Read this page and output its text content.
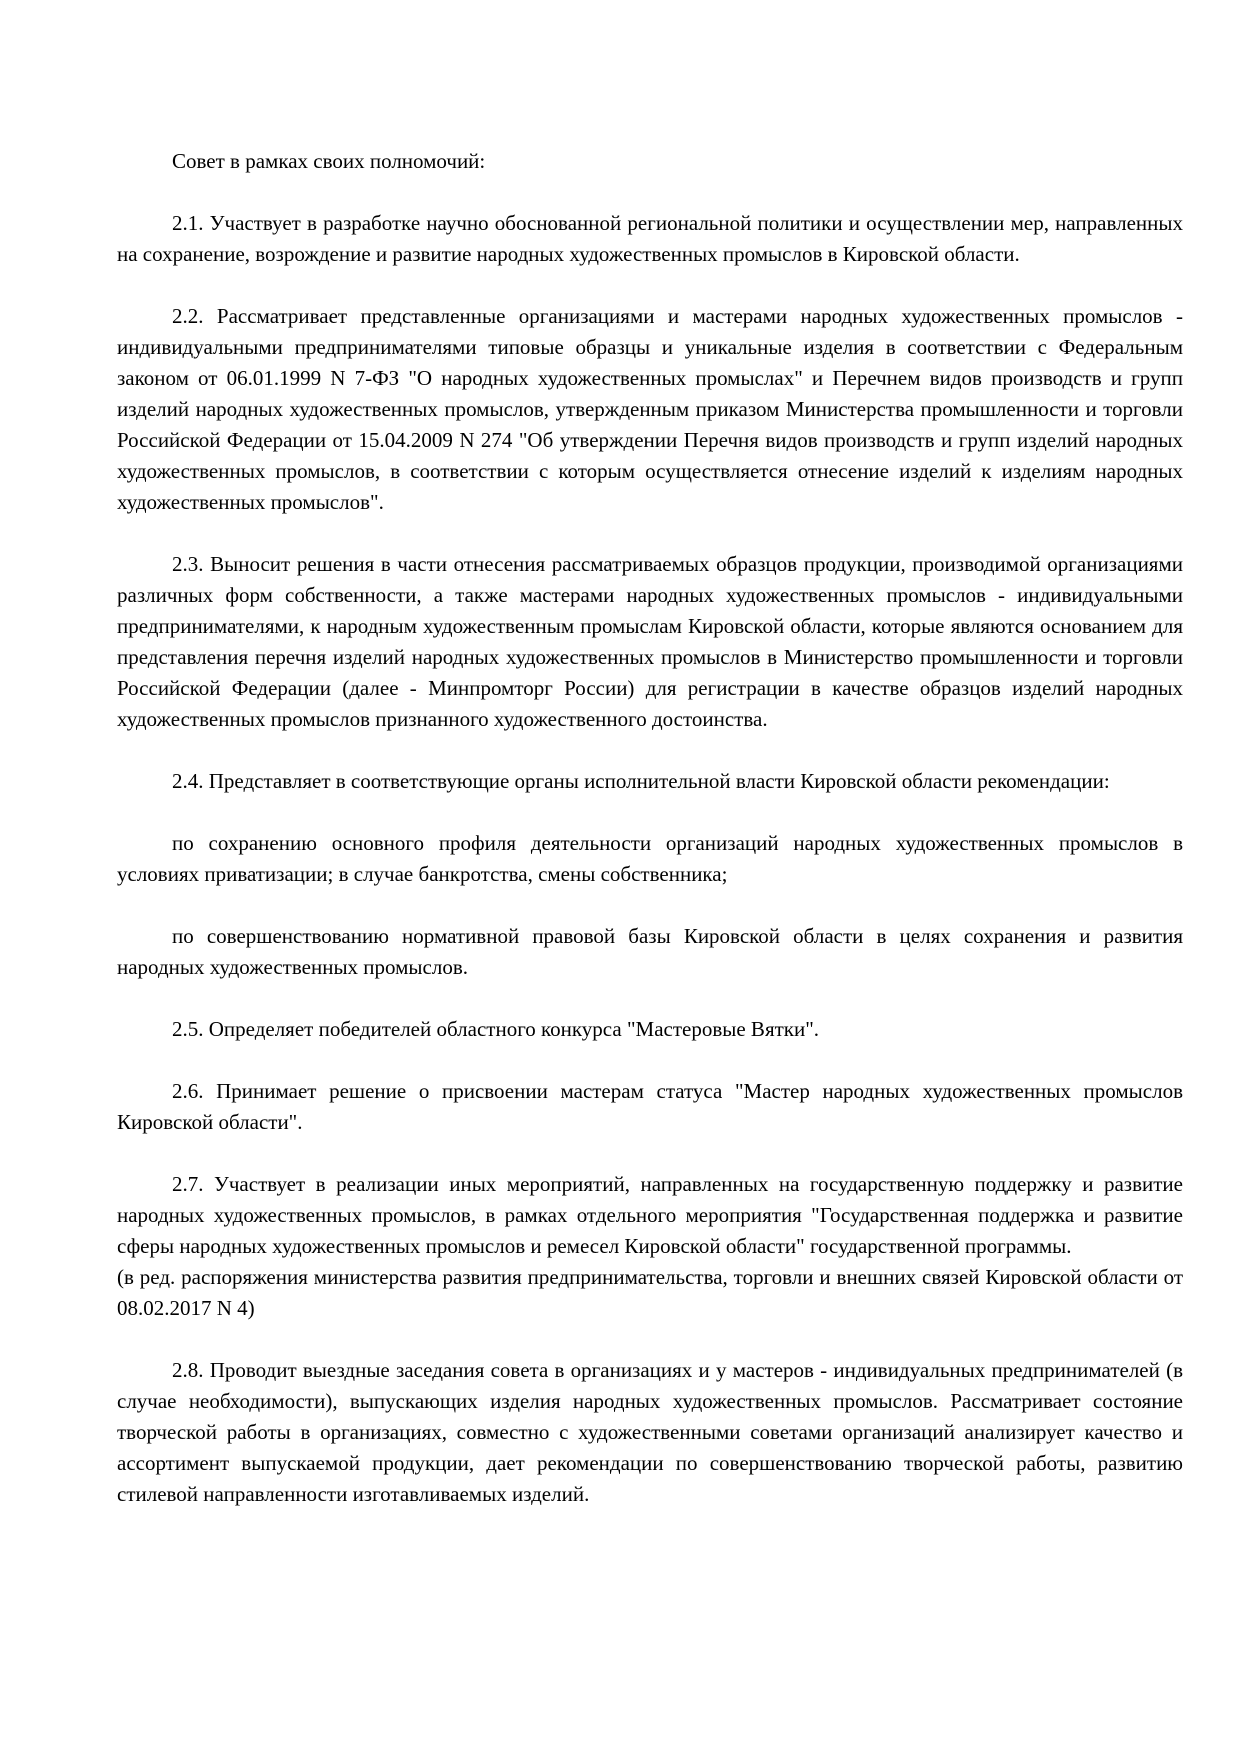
Совет в рамках своих полномочий:

2.1. Участвует в разработке научно обоснованной региональной политики и осуществлении мер, направленных на сохранение, возрождение и развитие народных художественных промыслов в Кировской области.

2.2. Рассматривает представленные организациями и мастерами народных художественных промыслов - индивидуальными предпринимателями типовые образцы и уникальные изделия в соответствии с Федеральным законом от 06.01.1999 N 7-ФЗ "О народных художественных промыслах" и Перечнем видов производств и групп изделий народных художественных промыслов, утвержденным приказом Министерства промышленности и торговли Российской Федерации от 15.04.2009 N 274 "Об утверждении Перечня видов производств и групп изделий народных художественных промыслов, в соответствии с которым осуществляется отнесение изделий к изделиям народных художественных промыслов".

2.3. Выносит решения в части отнесения рассматриваемых образцов продукции, производимой организациями различных форм собственности, а также мастерами народных художественных промыслов - индивидуальными предпринимателями, к народным художественным промыслам Кировской области, которые являются основанием для представления перечня изделий народных художественных промыслов в Министерство промышленности и торговли Российской Федерации (далее - Минпромторг России) для регистрации в качестве образцов изделий народных художественных промыслов признанного художественного достоинства.

2.4. Представляет в соответствующие органы исполнительной власти Кировской области рекомендации:

по сохранению основного профиля деятельности организаций народных художественных промыслов в условиях приватизации; в случае банкротства, смены собственника;

по совершенствованию нормативной правовой базы Кировской области в целях сохранения и развития народных художественных промыслов.

2.5. Определяет победителей областного конкурса "Мастеровые Вятки".

2.6. Принимает решение о присвоении мастерам статуса "Мастер народных художественных промыслов Кировской области".

2.7. Участвует в реализации иных мероприятий, направленных на государственную поддержку и развитие народных художественных промыслов, в рамках отдельного мероприятия "Государственная поддержка и развитие сферы народных художественных промыслов и ремесел Кировской области" государственной программы.

(в ред. распоряжения министерства развития предпринимательства, торговли и внешних связей Кировской области от 08.02.2017 N 4)

2.8. Проводит выездные заседания совета в организациях и у мастеров - индивидуальных предпринимателей (в случае необходимости), выпускающих изделия народных художественных промыслов. Рассматривает состояние творческой работы в организациях, совместно с художественными советами организаций анализирует качество и ассортимент выпускаемой продукции, дает рекомендации по совершенствованию творческой работы, развитию стилевой направленности изготавливаемых изделий.
